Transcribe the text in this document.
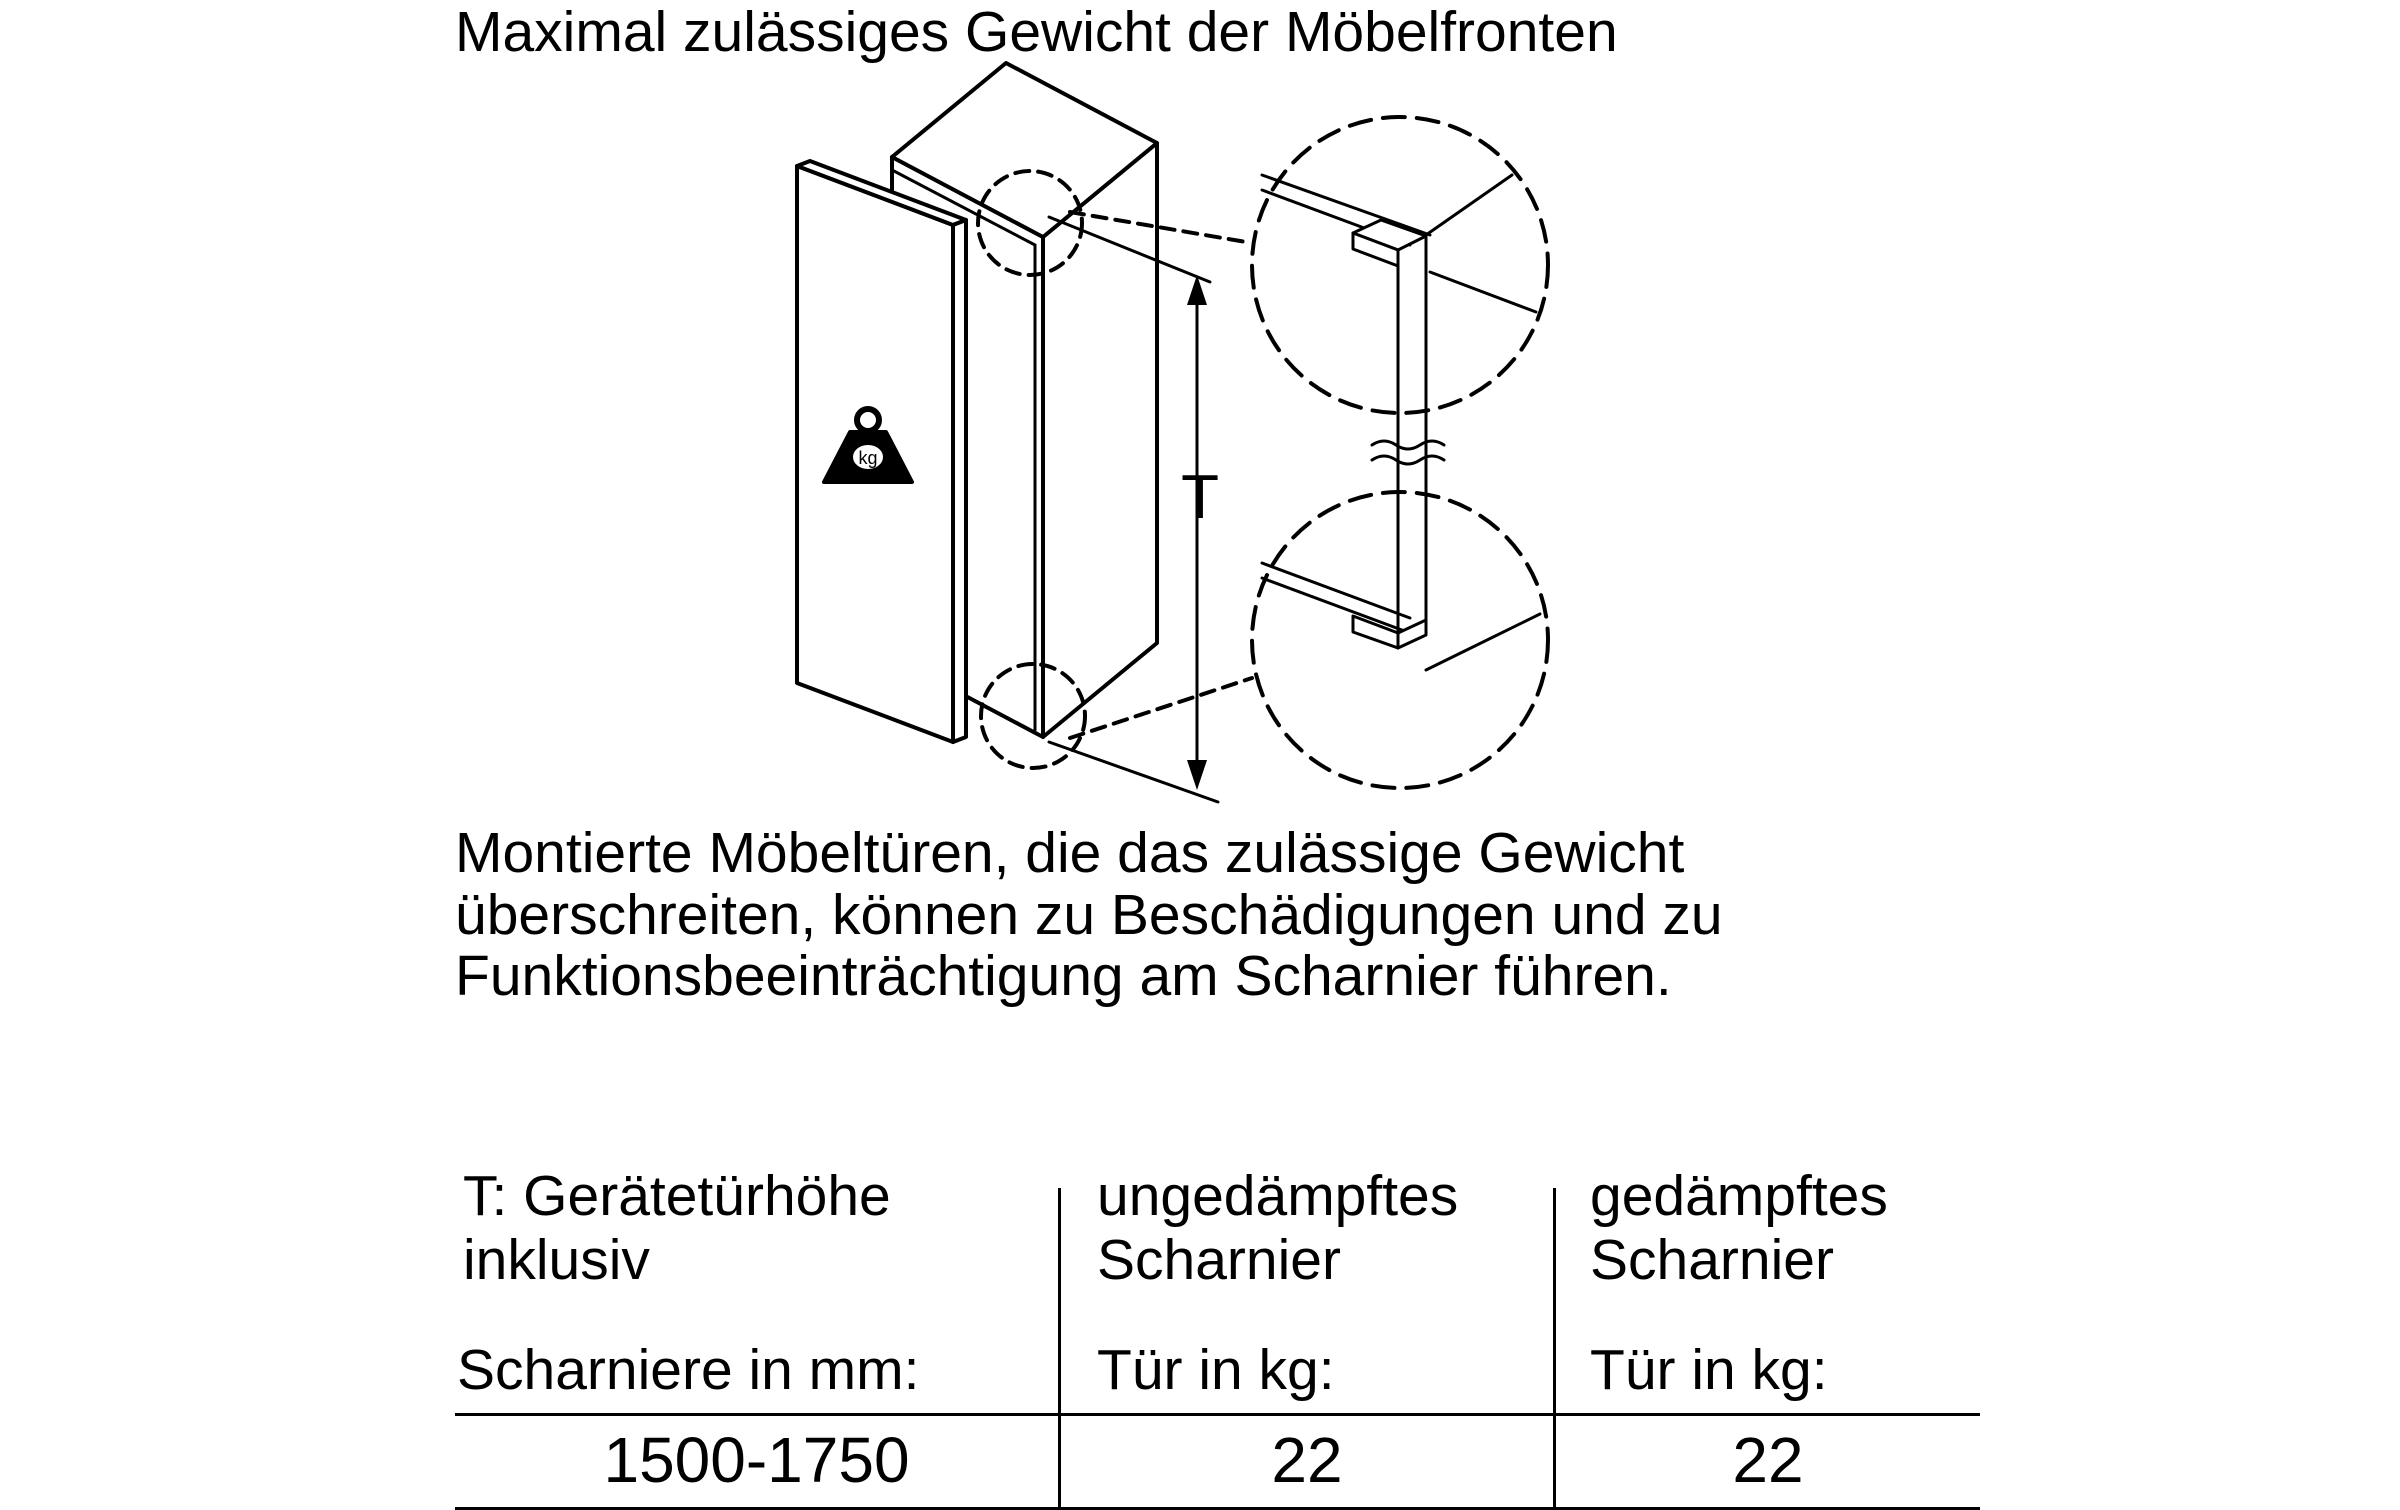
Maximal zulässiges Gewicht der Möbelfronten
kg
T
Montierte Möbeltüren, die das zulässige Gewicht
überschreiten, können zu Beschädigungen und zu
Funktionsbeeinträchtigung am Scharnier führen.
T: Gerätetürhöhe
inklusiv
Scharniere in mm:
ungedämpftes
Scharnier
Tür in kg:
gedämpftes
Scharnier
Tür in kg:
1500-1750	22	22
